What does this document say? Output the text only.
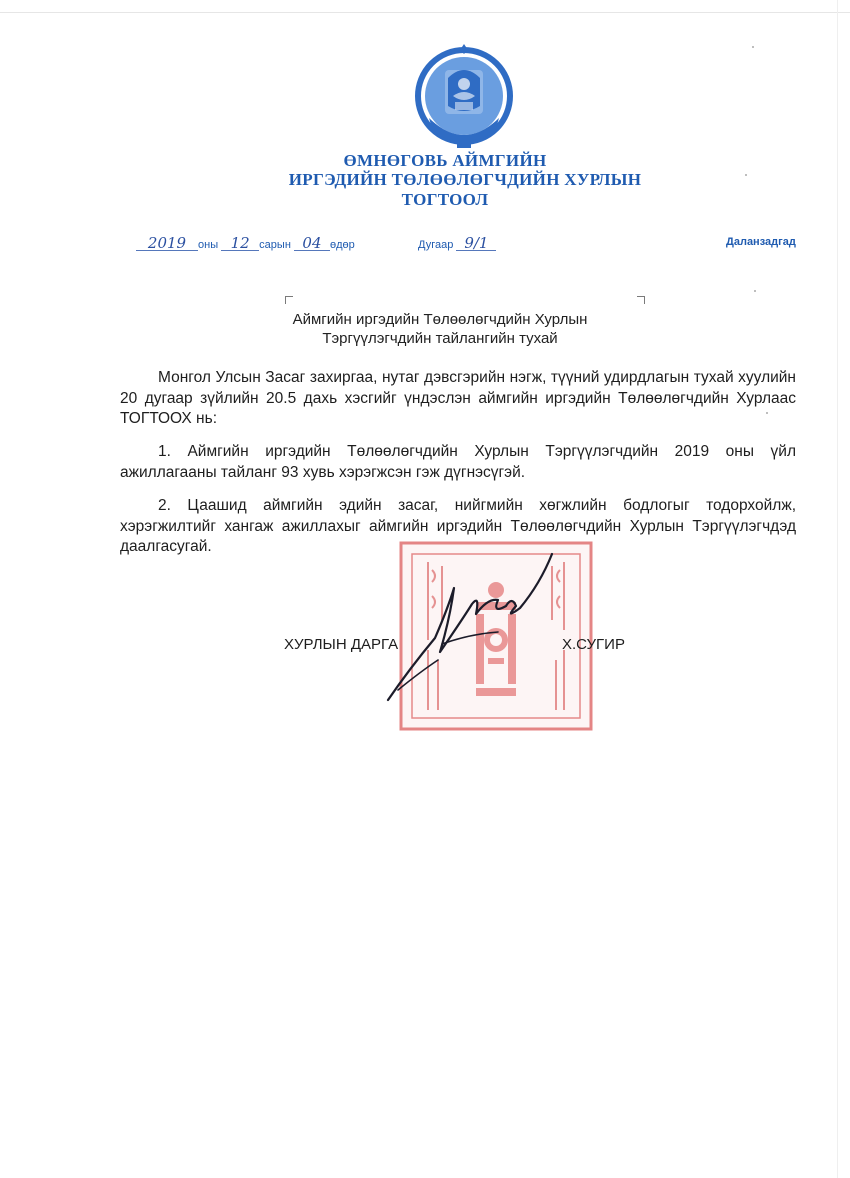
ӨМНӨГОВЬ АЙМГИЙН
ИРГЭДИЙН ТӨЛӨӨЛӨГЧДИЙН ХУРЛЫН
ТОГТООЛ
2019 оны 12 сарын 04 өдөр	Дугаар 9/1	Даланзадгад
Аймгийн иргэдийн Төлөөлөгчдийн Хурлын
Тэргүүлэгчдийн тайлангийн тухай
Монгол Улсын Засаг захиргаа, нутаг дэвсгэрийн нэгж, түүний удирдлагын тухай хуулийн 20 дугаар зүйлийн 20.5 дахь хэсгийг үндэслэн аймгийн иргэдийн Төлөөлөгчдийн Хурлаас ТОГТООХ нь:
1. Аймгийн иргэдийн Төлөөлөгчдийн Хурлын Тэргүүлэгчдийн 2019 оны үйл ажиллагааны тайланг 93 хувь хэрэгжсэн гэж дүгнэсүгэй.
2. Цаашид аймгийн эдийн засаг, нийгмийн хөгжлийн бодлогыг тодорхойлж, хэрэгжилтийг хангаж ажиллахыг аймгийн иргэдийн Төлөөлөгчдийн Хурлын Тэргүүлэгчдэд даалгасугай.
ХУРЛЫН ДАРГА	Х.СУГИР
